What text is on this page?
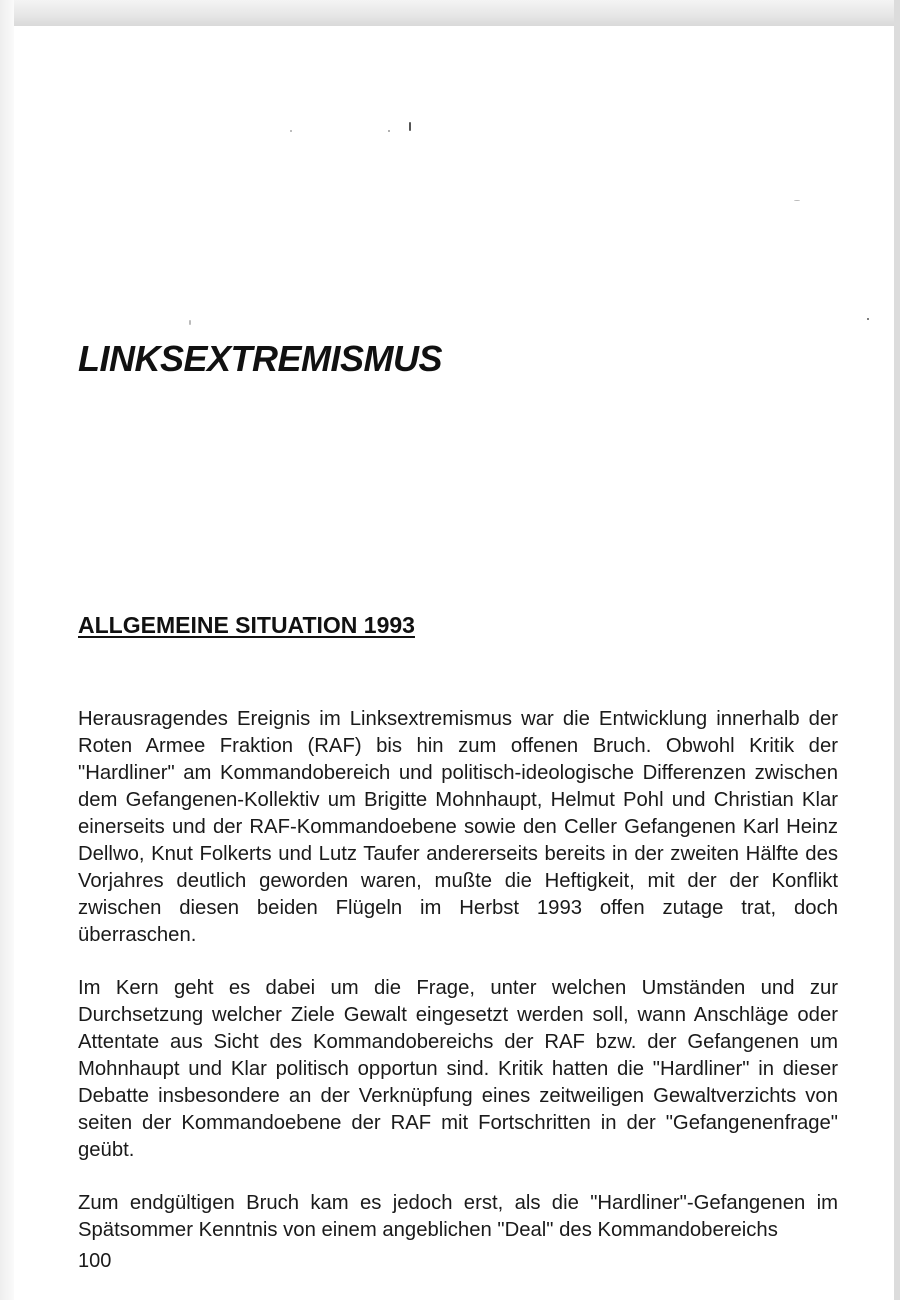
LINKSEXTREMISMUS
ALLGEMEINE SITUATION 1993

Herausragendes Ereignis im Linksextremismus war die Entwicklung innerhalb der Roten Armee Fraktion (RAF) bis hin zum offenen Bruch. Obwohl Kritik der "Hardliner" am Kommandobereich und politisch-ideologische Differenzen zwischen dem Gefangenen-Kollektiv um Brigitte Mohnhaupt, Helmut Pohl und Christian Klar einerseits und der RAF-Kommandoebene sowie den Celler Gefangenen Karl Heinz Dellwo, Knut Folkerts und Lutz Taufer andererseits bereits in der zweiten Hälfte des Vorjahres deutlich geworden waren, mußte die Heftigkeit, mit der der Konflikt zwischen diesen beiden Flügeln im Herbst 1993 offen zutage trat, doch überraschen.

Im Kern geht es dabei um die Frage, unter welchen Umständen und zur Durchsetzung welcher Ziele Gewalt eingesetzt werden soll, wann Anschläge oder Attentate aus Sicht des Kommandobereichs der RAF bzw. der Gefangenen um Mohnhaupt und Klar politisch opportun sind. Kritik hatten die "Hardliner" in dieser Debatte insbesondere an der Verknüpfung eines zeitweiligen Gewaltverzichts von seiten der Kommandoebene der RAF mit Fortschritten in der "Gefangenenfrage" geübt.

Zum endgültigen Bruch kam es jedoch erst, als die "Hardliner"-Gefangenen im Spätsommer Kenntnis von einem angeblichen "Deal" des Kommandobereichs

100
